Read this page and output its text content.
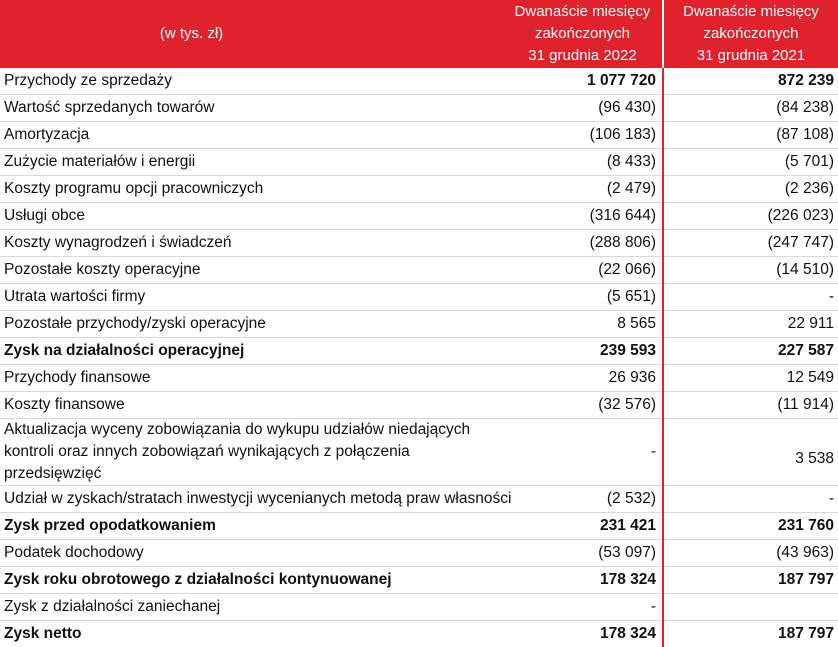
(w tys. zł)	Dwanaście miesięcy
zakończonych
31 grudnia 2022	Dwanaście miesięcy
zakończonych
31 grudnia 2021

Przychody ze sprzedaży	1 077 720	872 239
Wartość sprzedanych towarów	(96 430)	(84 238)
Amortyzacja	(106 183)	(87 108)
Zużycie materiałów i energii	(8 433)	(5 701)
Koszty programu opcji pracowniczych	(2 479)	(2 236)
Usługi obce	(316 644)	(226 023)
Koszty wynagrodzeń i świadczeń	(288 806)	(247 747)
Pozostałe koszty operacyjne	(22 066)	(14 510)
Utrata wartości firmy	(5 651)	-
Pozostałe przychody/zyski operacyjne	8 565	22 911
Zysk na działalności operacyjnej	239 593	227 587
Przychody finansowe	26 936	12 549
Koszty finansowe	(32 576)	(11 914)
Aktualizacja wyceny zobowiązania do wykupu udziałów niedających kontroli oraz innych zobowiązań wynikających z połączenia przedsięwzięć	-	3 538
Udział w zyskach/stratach inwestycji wycenianych metodą praw własności	(2 532)	-
Zysk przed opodatkowaniem	231 421	231 760
Podatek dochodowy	(53 097)	(43 963)
Zysk roku obrotowego z działalności kontynuowanej	178 324	187 797
Zysk z działalności zaniechanej	-	
Zysk netto	178 324	187 797
